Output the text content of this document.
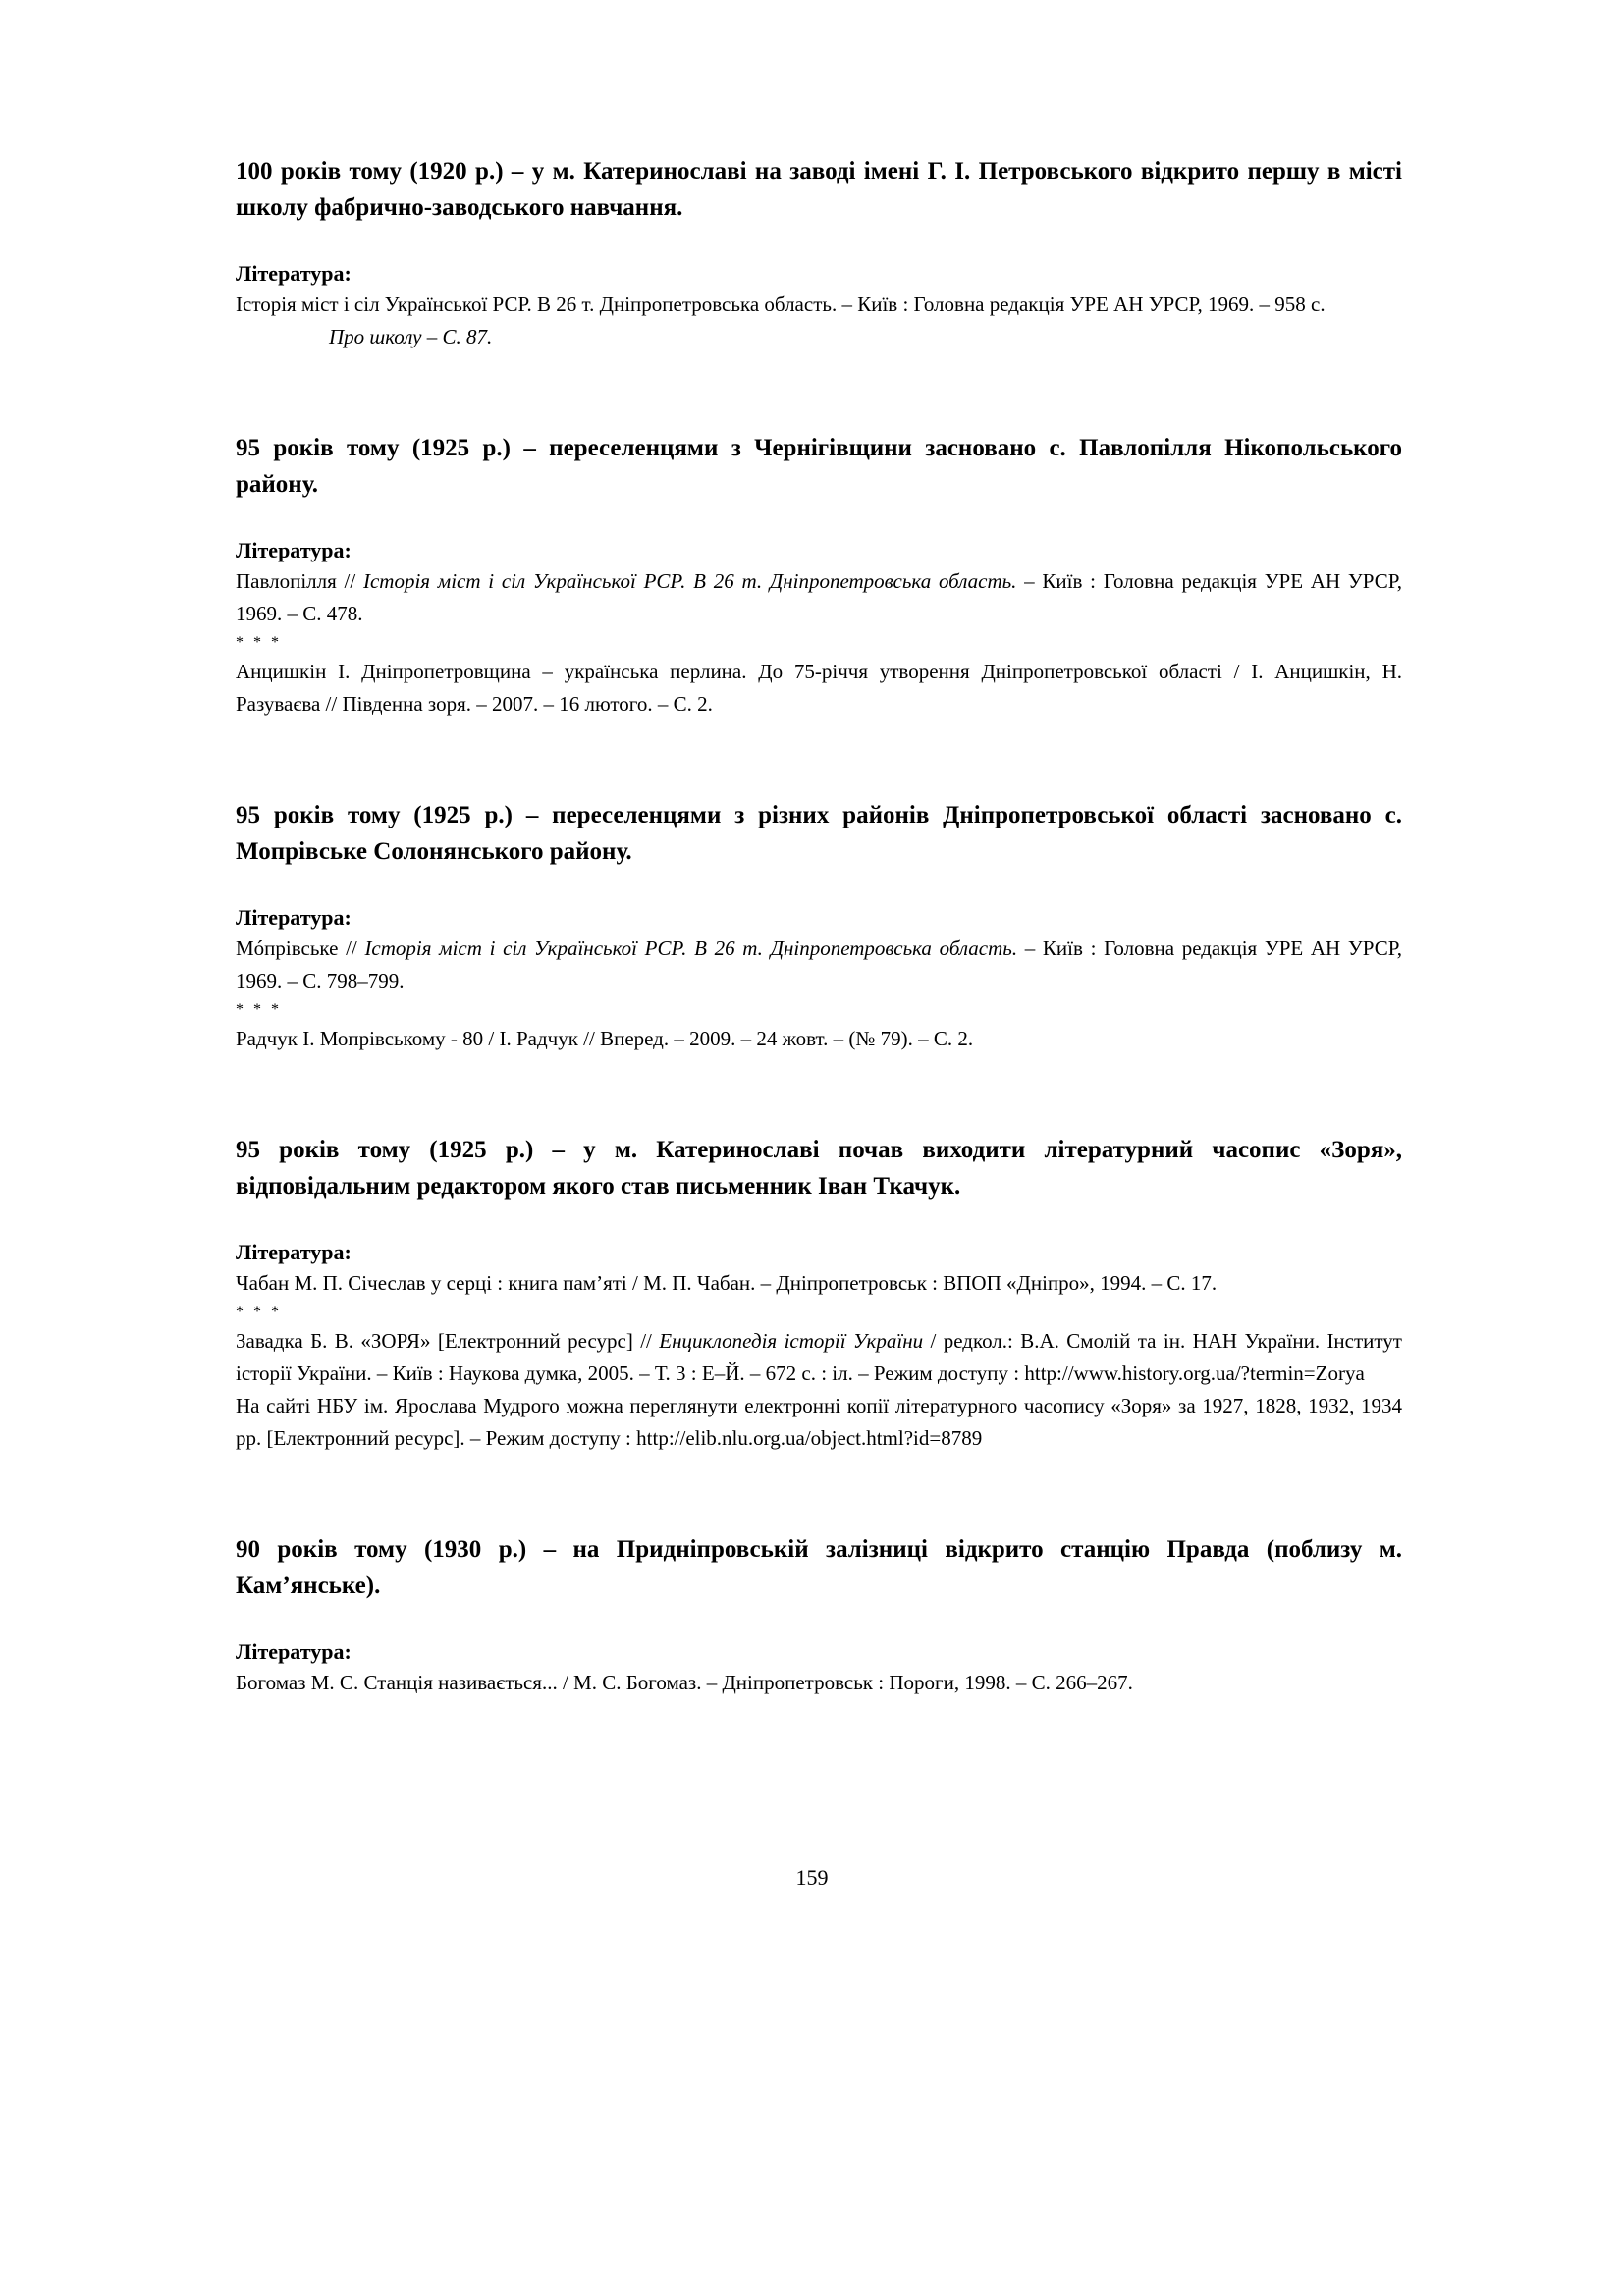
100 років тому (1920 р.) – у м. Катеринославі на заводі імені Г. І. Петровського відкрито першу в місті школу фабрично-заводського навчання.

Література:

Історія міст і сіл Української РСР. В 26 т. Дніпропетровська область. – Київ : Головна редакція УРЕ АН УРСР, 1969. – 958 с.

Про школу – С. 87.

95 років тому (1925 р.) – переселенцями з Чернігівщини засновано с. Павлопілля Нікопольського району.

Література:

Павлопілля // Історія міст і сіл Української РСР. В 26 т. Дніпропетровська область. – Київ : Головна редакція УРЕ АН УРСР, 1969. – С. 478.

* * *

Анцишкін І. Дніпропетровщина – українська перлина. До 75-річчя утворення Дніпропетровської області / І. Анцишкін, Н. Разуваєва // Південна зоря. – 2007. – 16 лютого. – С. 2.

95 років тому (1925 р.) – переселенцями з різних районів Дніпропетровської області засновано с. Мопрівське Солонянського району.

Література:

Мóпрівське // Історія міст і сіл Української РСР. В 26 т. Дніпропетровська область. – Київ : Головна редакція УРЕ АН УРСР, 1969. – С. 798–799.

* * *

Радчук І. Мопрівському - 80 / І. Радчук // Вперед. – 2009. – 24 жовт. – (№ 79). – С. 2.

95 років тому (1925 р.) – у м. Катеринославі почав виходити літературний часопис «Зоря», відповідальним редактором якого став письменник Іван Ткачук.

Література:

Чабан М. П. Січеслав у серці : книга пам’яті / М. П. Чабан. – Дніпропетровськ : ВПОП «Дніпро», 1994. – С. 17.

* * *

Завадка Б. В. «ЗОРЯ» [Електронний ресурс] // Енциклопедія історії України / редкол.: В.А. Смолій та ін. НАН України. Інститут історії України. – Київ : Наукова думка, 2005. – Т. 3 : Е–Й. – 672 с. : іл. – Режим доступу : http://www.history.org.ua/?termin=Zorya

На сайті НБУ ім. Ярослава Мудрого можна переглянути електронні копії літературного часопису «Зоря» за 1927, 1828, 1932, 1934 рр. [Електронний ресурс]. – Режим доступу : http://elib.nlu.org.ua/object.html?id=8789

90 років тому (1930 р.) – на Придніпровській залізниці відкрито станцію Правда (поблизу м. Кам’янське).

Література:

Богомаз М. С. Станція називається... / М. С. Богомаз. – Дніпропетровськ : Пороги, 1998. – С. 266–267.

159
